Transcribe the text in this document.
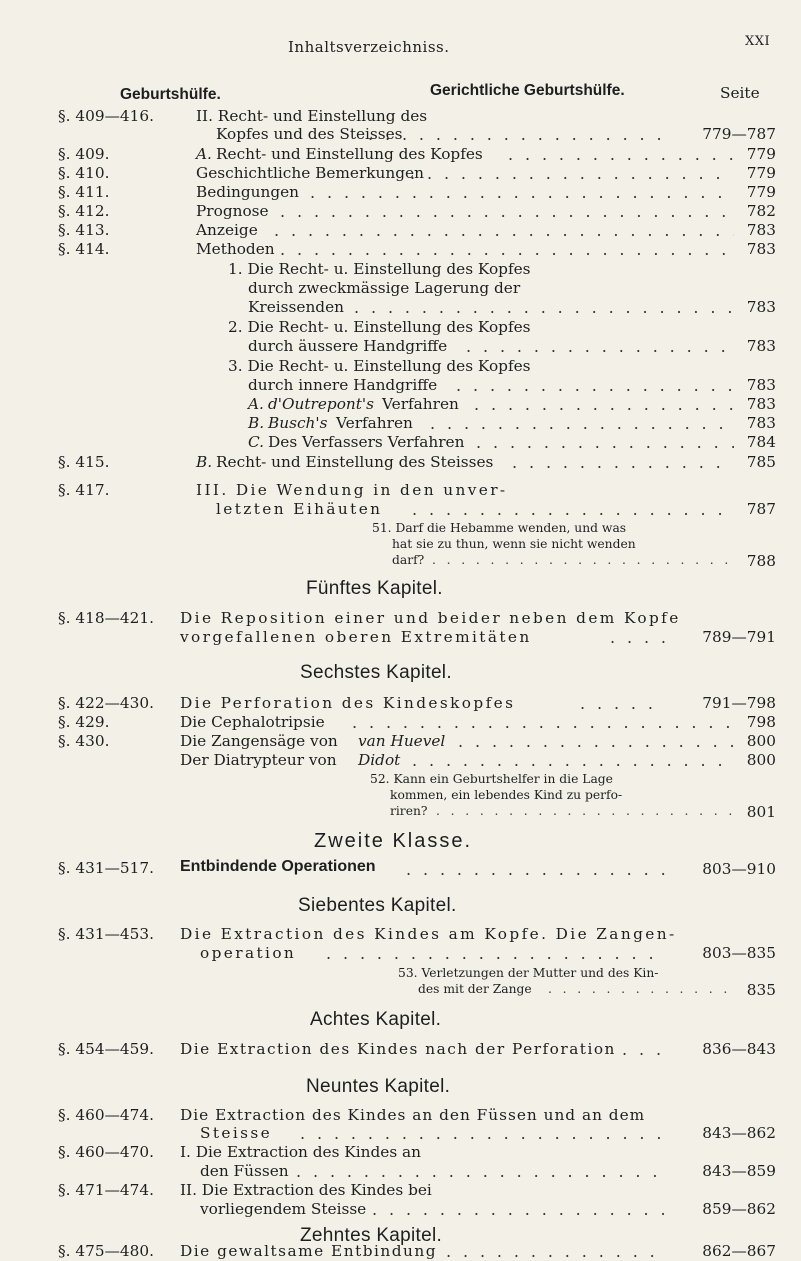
Inhaltsverzeichniss.	XXI
Geburtshülfe.	Gerichtliche Geburtshülfe.	Seite
§. 409—416.	II. Recht- und Einstellung des
Kopfes und des Steisses . . .	779—787
§. 409.	A. Recht- und Einstellung des Kopfes . . .	779
§. 410.	Geschichtliche Bemerkungen . . .	779
§. 411.	Bedingungen . . .	779
§. 412.	Prognose . . .	782
§. 413.	Anzeige . . .	783
§. 414.	Methoden . . .	783
1. Die Recht- u. Einstellung des Kopfes
durch zweckmässige Lagerung der
Kreissenden . . .	783
2. Die Recht- u. Einstellung des Kopfes
durch äussere Handgriffe . . .	783
3. Die Recht- u. Einstellung des Kopfes
durch innere Handgriffe . . .	783
A. d'Outrepont's Verfahren . . .	783
B. Busch's Verfahren . . .	783
C. Des Verfassers Verfahren . . .	784
§. 415.	B. Recht- und Einstellung des Steisses . . .	785
§. 417.	III. Die Wendung in den unver-
letzten Eihäuten . . .	787
51. Darf die Hebamme wenden, und was
hat sie zu thun, wenn sie nicht wenden
darf? . . .	788
Fünftes Kapitel.
§. 418—421. Die Reposition einer und beider neben dem Kopfe
vorgefallenen oberen Extremitäten . . .	789—791
Sechstes Kapitel.
§. 422—430. Die Perforation des Kindeskopfes . . .	791—798
§. 429.	Die Cephalotripsie . . .	798
§. 430.	Die Zangensäge von van Huevel . . .	800
Der Diatrypteur von Didot . . .	800
52. Kann ein Geburtshelfer in die Lage
kommen, ein lebendes Kind zu perfo-
riren? . . .	801
Zweite Klasse.
§. 431—517. Entbindende Operationen . . .	803—910
Siebentes Kapitel.
§. 431—453. Die Extraction des Kindes am Kopfe. Die Zangen-
operation . . .	803—835
53. Verletzungen der Mutter und des Kin-
des mit der Zange . . .	835
Achtes Kapitel.
§. 454—459. Die Extraction des Kindes nach der Perforation . . .	836—843
Neuntes Kapitel.
§. 460—474. Die Extraction des Kindes an den Füssen und an dem
Steisse . . .	843—862
§. 460—470. I. Die Extraction des Kindes an
den Füssen . . .	843—859
§. 471—474. II. Die Extraction des Kindes bei
vorliegendem Steisse . . .	859—862
Zehntes Kapitel.
§. 475—480. Die gewaltsame Entbindung . . .	862—867
